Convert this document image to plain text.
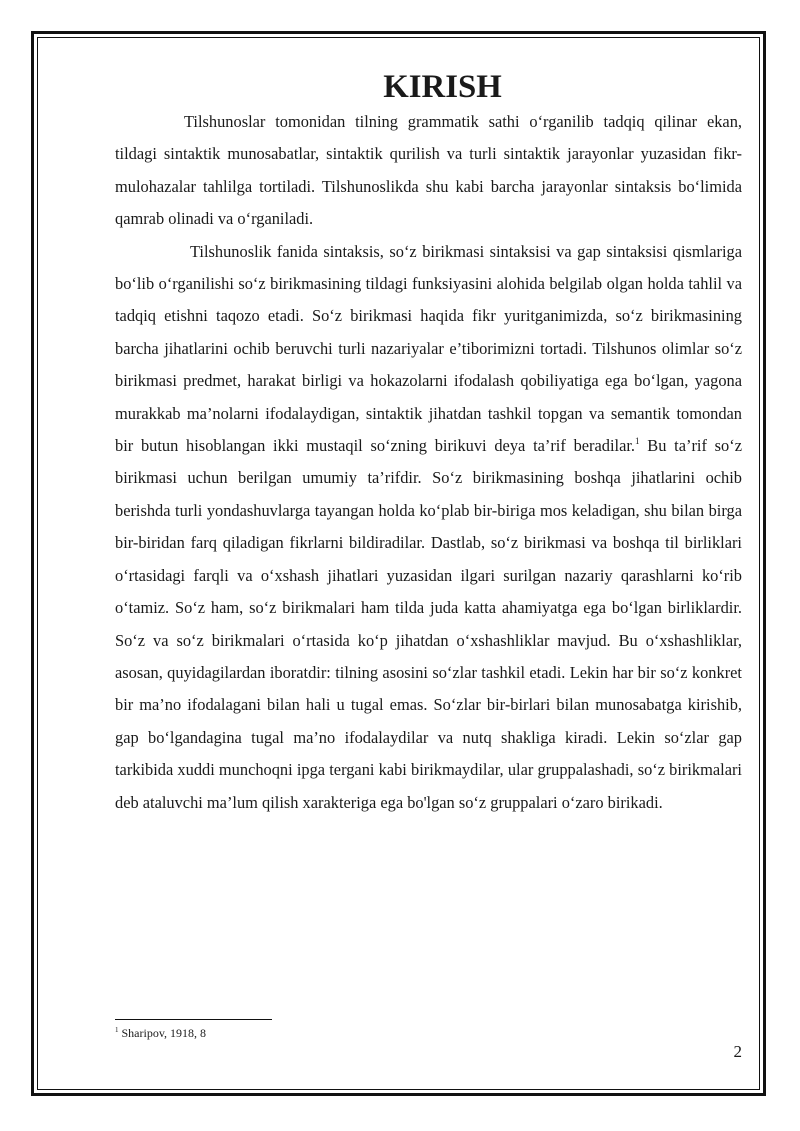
KIRISH

Tilshunoslar tomonidan tilning grammatik sathi o‘rganilib tadqiq qilinar ekan, tildagi sintaktik munosabatlar, sintaktik qurilish va turli sintaktik jarayonlar yuzasidan fikr-mulohazalar tahlilga tortiladi. Tilshunoslikda shu kabi barcha jarayonlar sintaksis bo‘limida qamrab olinadi va o‘rganiladi.

Tilshunoslik fanida sintaksis, so‘z birikmasi sintaksisi va gap sintaksisi qismlariga bo‘lib o‘rganilishi so‘z birikmasining tildagi funksiyasini alohida belgilab olgan holda tahlil va tadqiq etishni taqozo etadi. So‘z birikmasi haqida fikr yuritganimizda, so‘z birikmasining barcha jihatlarini ochib beruvchi turli nazariyalar e’tiborimizni tortadi. Tilshunos olimlar so‘z birikmasi predmet, harakat birligi va hokazolarni ifodalash qobiliyatiga ega bo‘lgan, yagona murakkab ma’nolarni ifodalaydigan, sintaktik jihatdan tashkil topgan va semantik tomondan bir butun hisoblangan ikki mustaqil so‘zning birikuvi deya ta’rif beradilar.$^1$ Bu ta’rif so‘z birikmasi uchun berilgan umumiy ta’rifdir. So‘z birikmasining boshqa jihatlarini ochib berishda turli yondashuvlarga tayangan holda ko‘plab bir-biriga mos keladigan, shu bilan birga bir-biridan farq qiladigan fikrlarni bildiradilar. Dastlab, so‘z birikmasi va boshqa til birliklari o‘rtasidagi farqli va o‘xshash jihatlari yuzasidan ilgari surilgan nazariy qarashlarni ko‘rib o‘tamiz. So‘z ham, so‘z birikmalari ham tilda juda katta ahamiyatga ega bo‘lgan birliklardir. So‘z va so‘z birikmalari o‘rtasida ko‘p jihatdan o‘xshashliklar mavjud. Bu o‘xshashliklar, asosan, quyidagilardan iboratdir: tilning asosini so‘zlar tashkil etadi. Lekin har bir so‘z konkret bir ma’no ifodalagani bilan hali u tugal emas. So‘zlar bir-birlari bilan munosabatga kirishib, gap bo‘lgandagina tugal ma’no ifodalaydilar va nutq shakliga kiradi. Lekin so‘zlar gap tarkibida xuddi munchoqni ipga tergani kabi birikmaydilar, ular gruppalashadi, so‘z birikmalari deb ataluvchi ma’lum qilish xarakteriga ega bo'lgan so‘z gruppalari o‘zaro birikadi.

$^1$ Sharipov, 1918, 8
2
